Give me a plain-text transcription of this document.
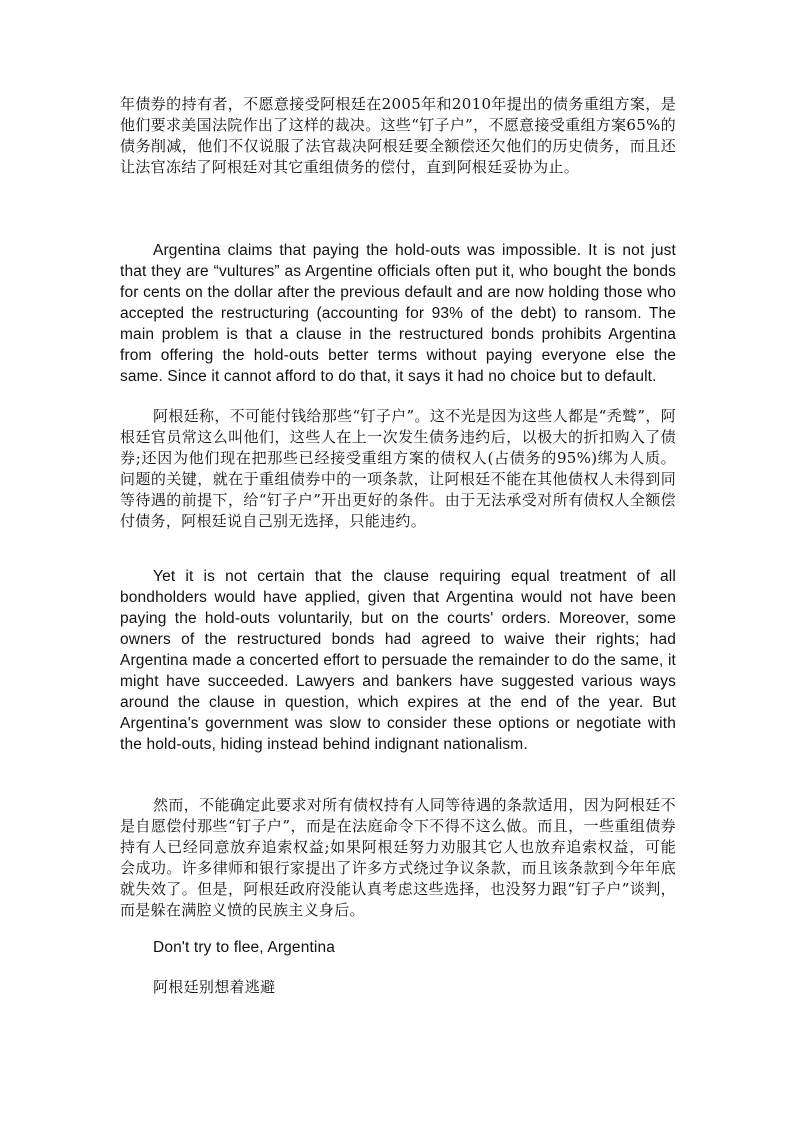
年债券的持有者，不愿意接受阿根廷在2005年和2010年提出的债务重组方案，是他们要求美国法院作出了这样的裁决。这些“钉子户”，不愿意接受重组方案65%的债务削减，他们不仅说服了法官裁决阿根廷要全额偿还欠他们的历史债务，而且还让法官冻结了阿根廷对其它重组债务的偿付，直到阿根廷妥协为止。

Argentina claims that paying the hold-outs was impossible. It is not just that they are “vultures” as Argentine officials often put it, who bought the bonds for cents on the dollar after the previous default and are now holding those who accepted the restructuring (accounting for 93% of the debt) to ransom. The main problem is that a clause in the restructured bonds prohibits Argentina from offering the hold-outs better terms without paying everyone else the same. Since it cannot afford to do that, it says it had no choice but to default.

阿根廷称，不可能付钱给那些“钉子户”。这不光是因为这些人都是“秃鹫”，阿根廷官员常这么叫他们，这些人在上一次发生债务违约后，以极大的折扣购入了债券;还因为他们现在把那些已经接受重组方案的债权人(占债务的95%)绑为人质。问题的关键，就在于重组债券中的一项条款，让阿根廷不能在其他债权人未得到同等待遇的前提下，给“钉子户”开出更好的条件。由于无法承受对所有债权人全额偿付债务，阿根廷说自己别无选择，只能违约。

Yet it is not certain that the clause requiring equal treatment of all bondholders would have applied, given that Argentina would not have been paying the hold-outs voluntarily, but on the courts' orders. Moreover, some owners of the restructured bonds had agreed to waive their rights; had Argentina made a concerted effort to persuade the remainder to do the same, it might have succeeded. Lawyers and bankers have suggested various ways around the clause in question, which expires at the end of the year. But Argentina's government was slow to consider these options or negotiate with the hold-outs, hiding instead behind indignant nationalism.

然而，不能确定此要求对所有债权持有人同等待遇的条款适用，因为阿根廷不是自愿偿付那些“钉子户”，而是在法庭命令下不得不这么做。而且，一些重组债券持有人已经同意放弃追索权益;如果阿根廷努力劝服其它人也放弃追索权益，可能会成功。许多律师和银行家提出了许多方式绕过争议条款，而且该条款到今年年底就失效了。但是，阿根廷政府没能认真考虑这些选择，也没努力跟“钉子户”谈判，而是躲在满腔义愤的民族主义身后。

Don't try to flee, Argentina

阿根廷别想着逃避
